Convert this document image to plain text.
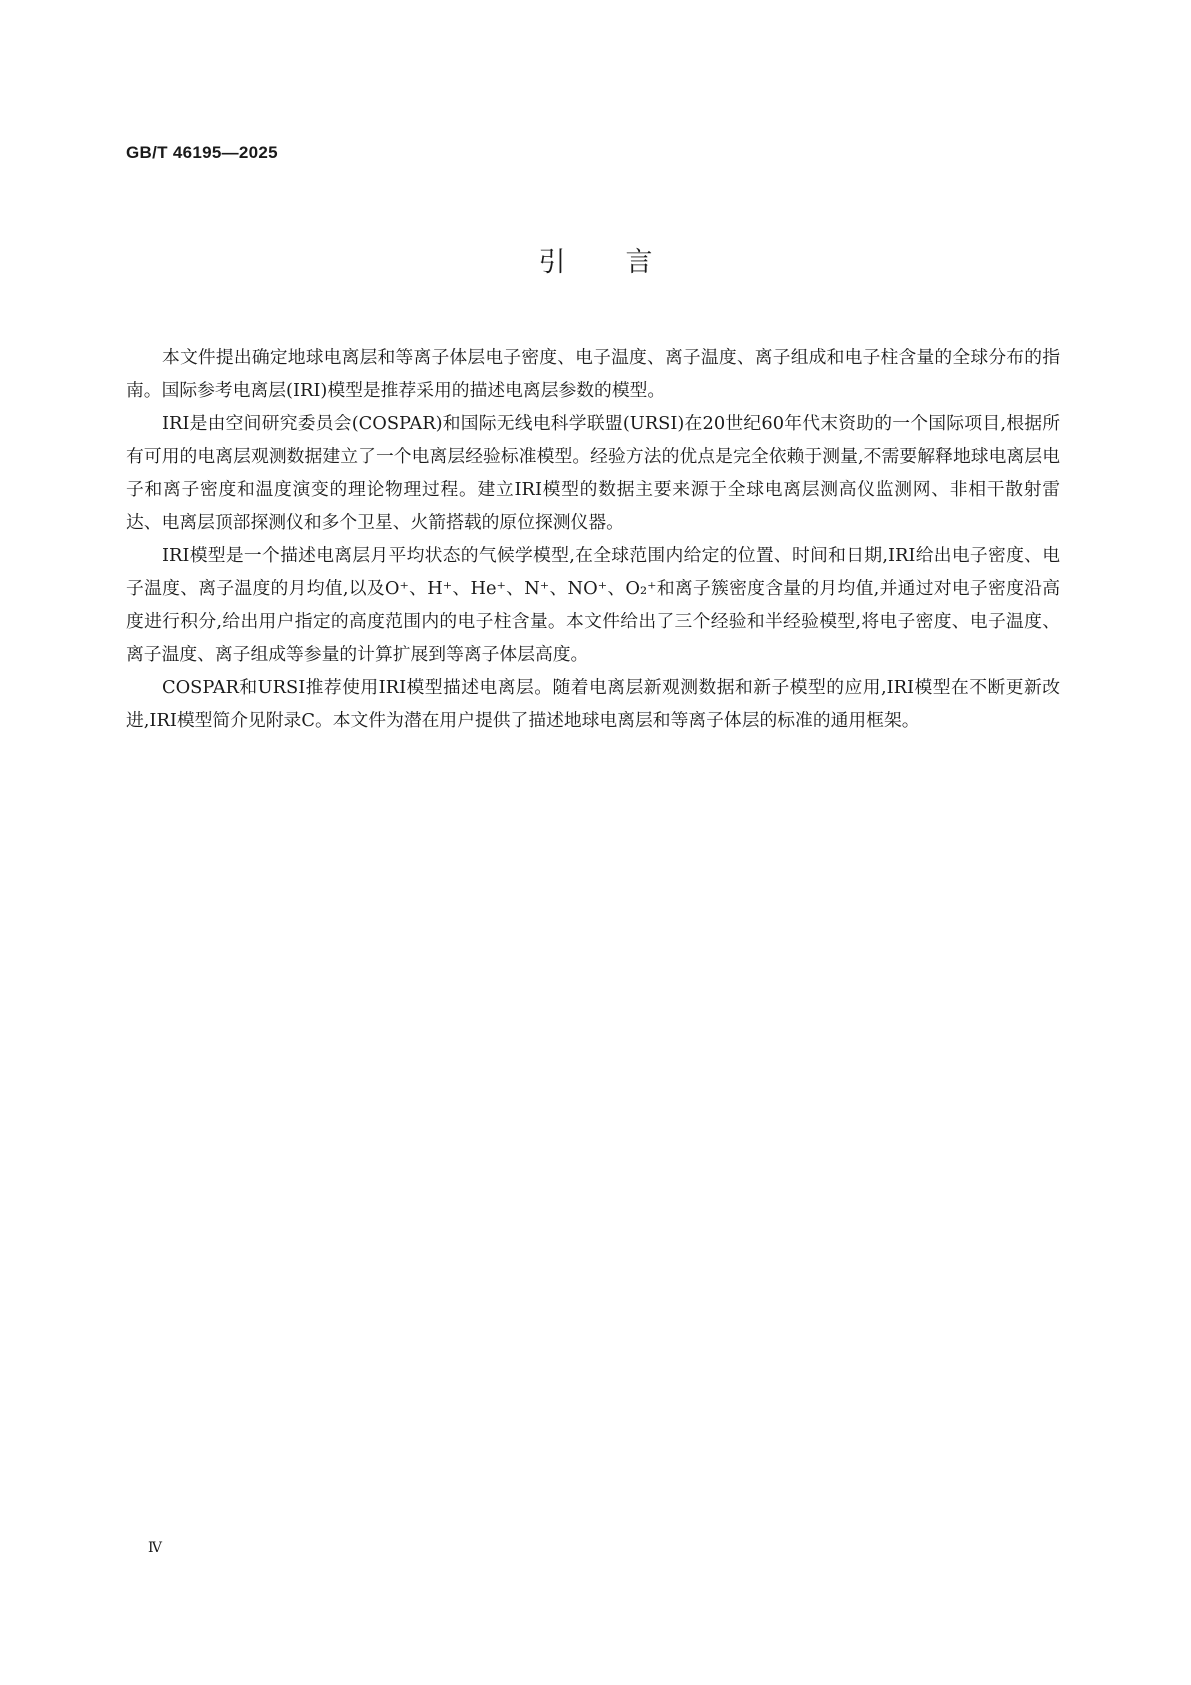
GB/T 46195—2025
引言

本文件提出确定地球电离层和等离子体层电子密度、电子温度、离子温度、离子组成和电子柱含量的全球分布的指南。国际参考电离层(IRI)模型是推荐采用的描述电离层参数的模型。

IRI是由空间研究委员会(COSPAR)和国际无线电科学联盟(URSI)在20世纪60年代末资助的一个国际项目,根据所有可用的电离层观测数据建立了一个电离层经验标准模型。经验方法的优点是完全依赖于测量,不需要解释地球电离层电子和离子密度和温度演变的理论物理过程。建立IRI模型的数据主要来源于全球电离层测高仪监测网、非相干散射雷达、电离层顶部探测仪和多个卫星、火箭搭载的原位探测仪器。

IRI模型是一个描述电离层月平均状态的气候学模型,在全球范围内给定的位置、时间和日期,IRI给出电子密度、电子温度、离子温度的月均值,以及O⁺、H⁺、He⁺、N⁺、NO⁺、O₂⁺和离子簇密度含量的月均值,并通过对电子密度沿高度进行积分,给出用户指定的高度范围内的电子柱含量。本文件给出了三个经验和半经验模型,将电子密度、电子温度、离子温度、离子组成等参量的计算扩展到等离子体层高度。

COSPAR和URSI推荐使用IRI模型描述电离层。随着电离层新观测数据和新子模型的应用,IRI模型在不断更新改进,IRI模型简介见附录C。本文件为潜在用户提供了描述地球电离层和等离子体层的标准的通用框架。

Ⅳ
